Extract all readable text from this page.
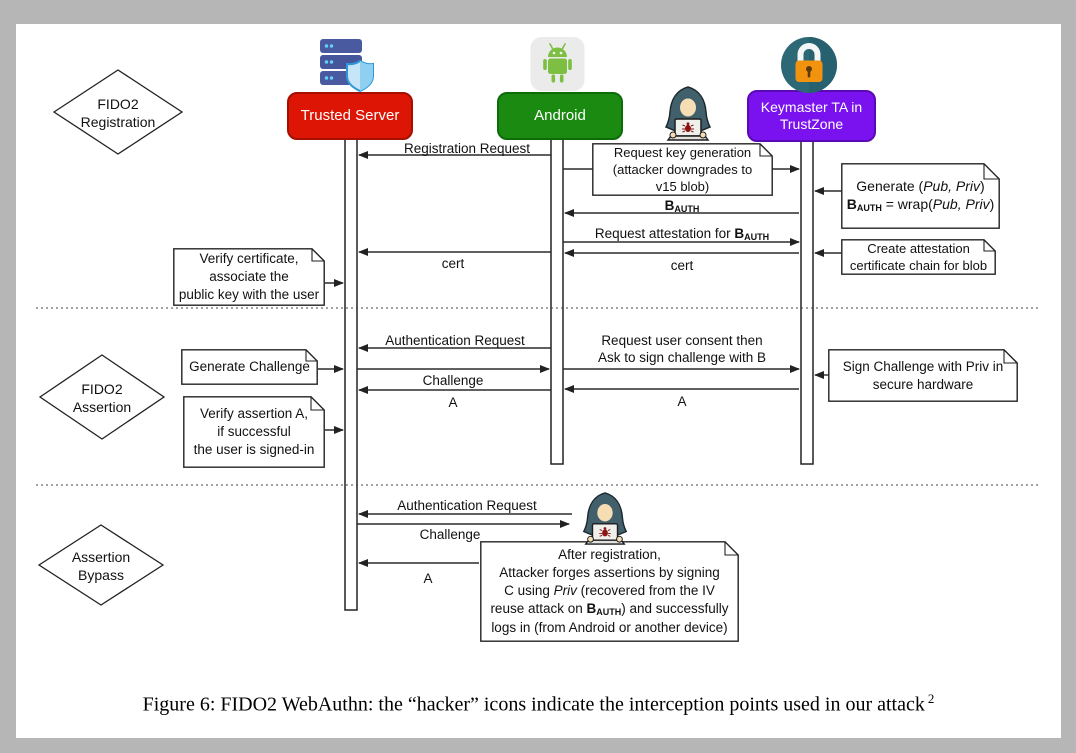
FIDO2
Registration
FIDO2
Assertion
Assertion
Bypass
Trusted Server	Android
Keymaster TA in
TrustZone
Registration Request
$B_{AUTH}$
Request attestation for $B_{AUTH}$
cert	cert
Authentication Request
Challenge
A
Request user consent then
Ask to sign challenge with B
A
Authentication Request
Challenge
A
Request key generation
(attacker downgrades to
v15 blob)	Generate (Pub, Priv)
$B_{AUTH}$ = wrap(Pub, Priv)
Create attestation
certificate chain for blob
Verify certificate,
associate the
public key with the user
Generate Challenge
Verify assertion A,
if successful
the user is signed-in
Sign Challenge with Priv in
secure hardware
After registration,
Attacker forges assertions by signing
C using Priv (recovered from the IV
reuse attack on $B_{AUTH}$) and successfully
logs in (from Android or another device)
Figure 6: FIDO2 WebAuthn: the “hacker” icons indicate the interception points used in our attack $^2$
